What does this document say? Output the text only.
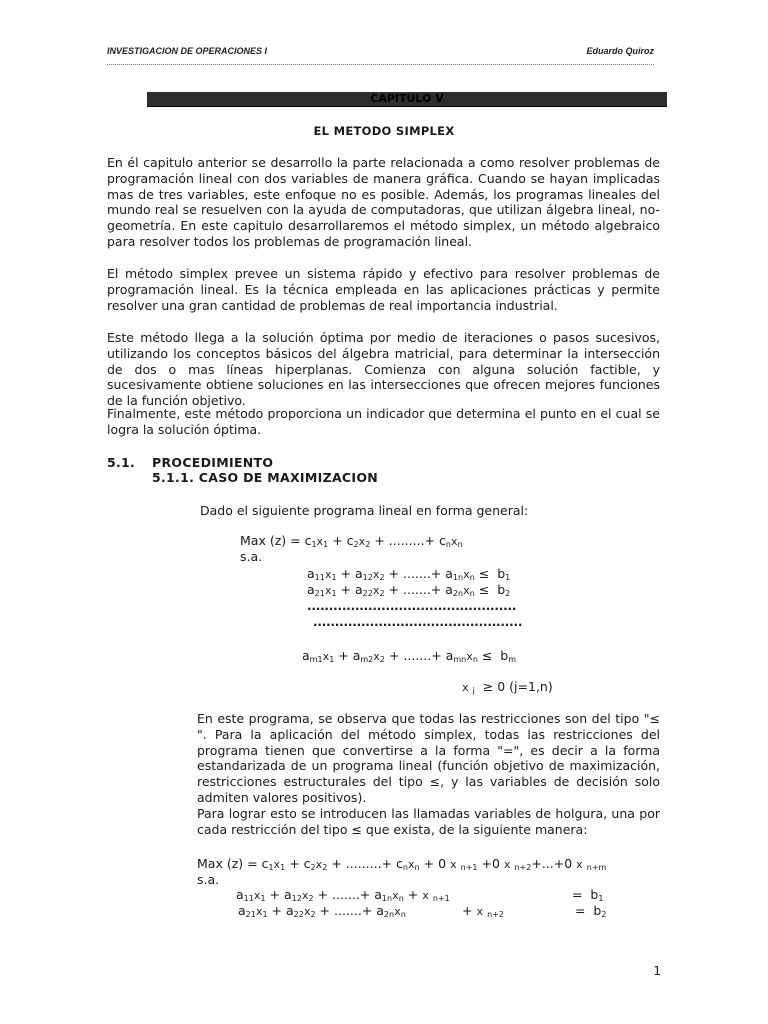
INVESTIGACION DE OPERACIONES I	Eduardo Quiroz
CAPITULO V
EL METODO SIMPLEX

En él capitulo anterior se desarrollo la parte relacionada a como resolver problemas de programación lineal con dos variables de manera gráfica. Cuando se hayan implicadas mas de tres variables, este enfoque no es posible. Además, los programas lineales del mundo real se resuelven con la ayuda de computadoras, que utilizan álgebra lineal, no-geometría. En este capitulo desarrollaremos el método simplex, un método algebraico para resolver todos los problemas de programación lineal.

El método simplex prevee un sistema rápido y efectivo para resolver problemas de programación lineal. Es la técnica empleada en las aplicaciones prácticas y permite resolver una gran cantidad de problemas de real importancia industrial.

Este método llega a la solución óptima por medio de iteraciones o pasos sucesivos, utilizando los conceptos básicos del álgebra matricial, para determinar la intersección de dos o mas líneas hiperplanas. Comienza con alguna solución factible, y sucesivamente obtiene soluciones en las intersecciones que ofrecen mejores funciones de la función objetivo.

Finalmente, este método proporciona un indicador que determina el punto en el cual se logra la solución óptima.

5.1. PROCEDIMIENTO
5.1.1. CASO DE MAXIMIZACION
Dado el siguiente programa lineal en forma general:
Max $(z) = c_1x_1 + c_2x_2$ + .........+ $c_nx_n$
s.a.
$a_{11}x_1 + a_{12}x_2$ + .......+ $a_{1n}x_n \le b_1$
$a_{21}x_1 + a_{22}x_2$ + .......+ $a_{2n}x_n \le b_2$
................................................
................................................
$a_{m1}x_1 + a_{m2}x_2$ + .......+ $a_{mn}x_n \le b_m$
x $_j$ ≥ 0 (j=1,n)

En este programa, se observa que todas las restricciones son del tipo "≤ ". Para la aplicación del método simplex, todas las restricciones del programa tienen que convertirse a la forma "=", es decir a la forma estandarizada de un programa lineal (función objetivo de maximización, restricciones estructurales del tipo ≤, y las variables de decisión solo admiten valores positivos).

Para lograr esto se introducen las llamadas variables de holgura, una por cada restricción del tipo ≤ que exista, de la siguiente manera:

Max $(z) = c_1x_1 + c_2x_2$ + .........+ $c_nx_n + 0$ x $_{n+1}$ +0 x $_{n+2}$+...+0 x $_{n+m}$
s.a.
$a_{11}x_1 + a_{12}x_2$ + .......+ $a_{1n}x_n + x$ $_{n+1}$	=  $b_1$
$a_{21}x_1 + a_{22}x_2$ + .......+ $a_{2n}x_n$	+ x $_{n+2}$	=  $b_2$
1
